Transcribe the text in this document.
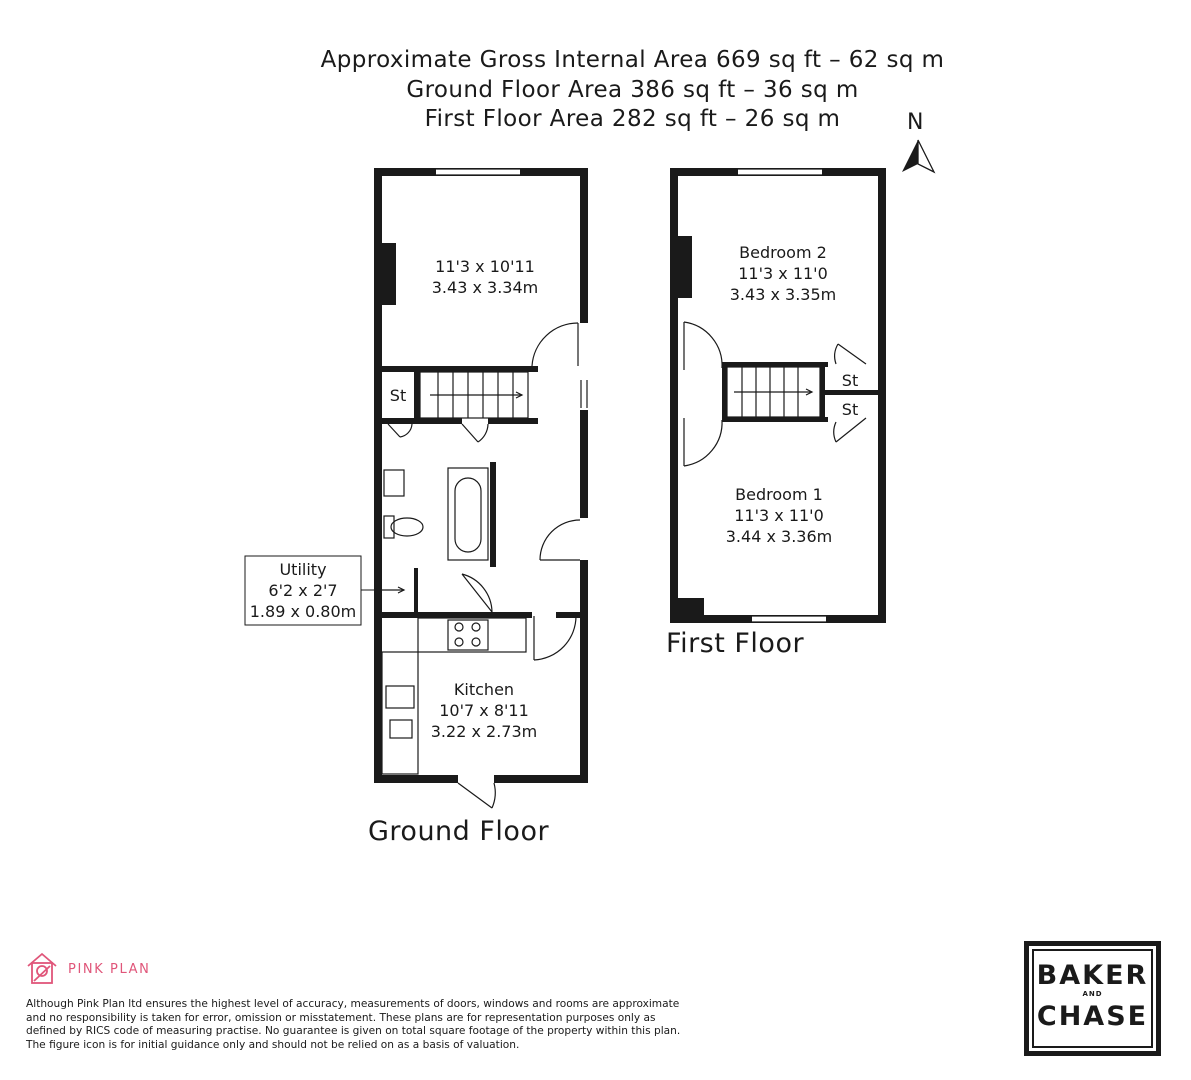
Approximate Gross Internal Area 669 sq ft – 62 sq m
Ground Floor Area 386 sq ft – 36 sq m
First Floor Area 282 sq ft – 26 sq m	N
11'3 x 10'11
3.43 x 3.34m
St
Utility
6'2 x 2'7
1.89 x 0.80m
Kitchen
10'7 x 8'11
3.22 x 2.73m
Ground Floor
Bedroom 2
11'3 x 11'0
3.43 x 3.35m
St
St
Bedroom 1
11'3 x 11'0
3.44 x 3.36m
First Floor
PINK PLAN
Although Pink Plan ltd ensures the highest level of accuracy, measurements of doors, windows and rooms are approximate and no responsibility is taken for error, omission or misstatement. These plans are for representation purposes only as defined by RICS code of measuring practise. No guarantee is given on total square footage of the property within this plan. The figure icon is for initial guidance only and should not be relied on as a basis of valuation.
BAKER
AND
CHASE
